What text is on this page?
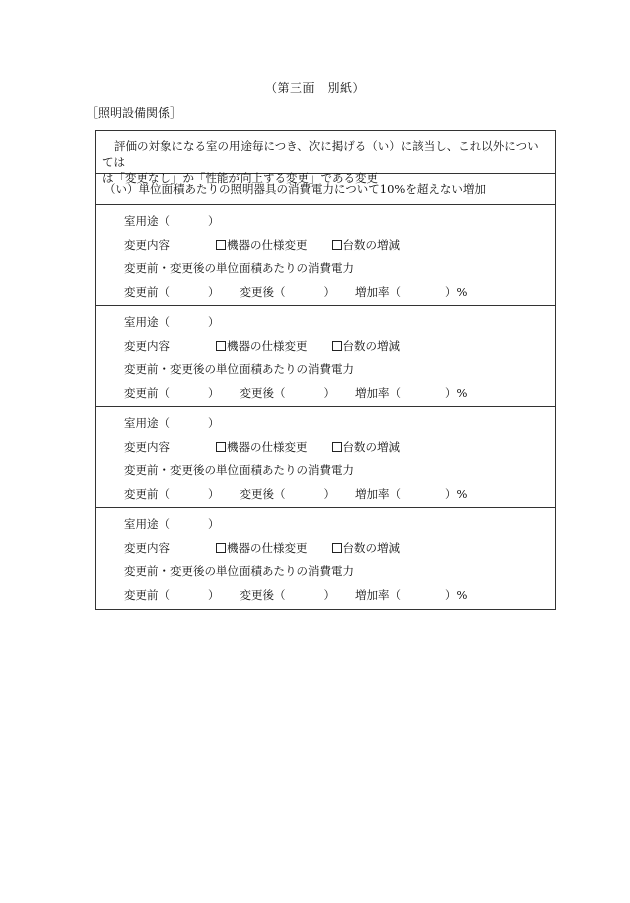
（第三面　別紙）
［照明設備関係］
評価の対象になる室の用途毎につき、次に掲げる（い）に該当し、これ以外については
は「変更なし」か「性能が向上する変更」である変更
（い）単位面積あたりの照明器具の消費電力について10%を超えない増加
室用途（	）
変更内容	機器の仕様変更	台数の増減
変更前・変更後の単位面積あたりの消費電力
変更前（	） 変更後（	） 増加率（	）%
室用途（	）
変更内容	機器の仕様変更	台数の増減
変更前・変更後の単位面積あたりの消費電力
変更前（	） 変更後（	） 増加率（	）%
室用途（	）
変更内容	機器の仕様変更	台数の増減
変更前・変更後の単位面積あたりの消費電力
変更前（	） 変更後（	） 増加率（	）%
室用途（	）
変更内容	機器の仕様変更	台数の増減
変更前・変更後の単位面積あたりの消費電力
変更前（	） 変更後（	） 増加率（	）%
